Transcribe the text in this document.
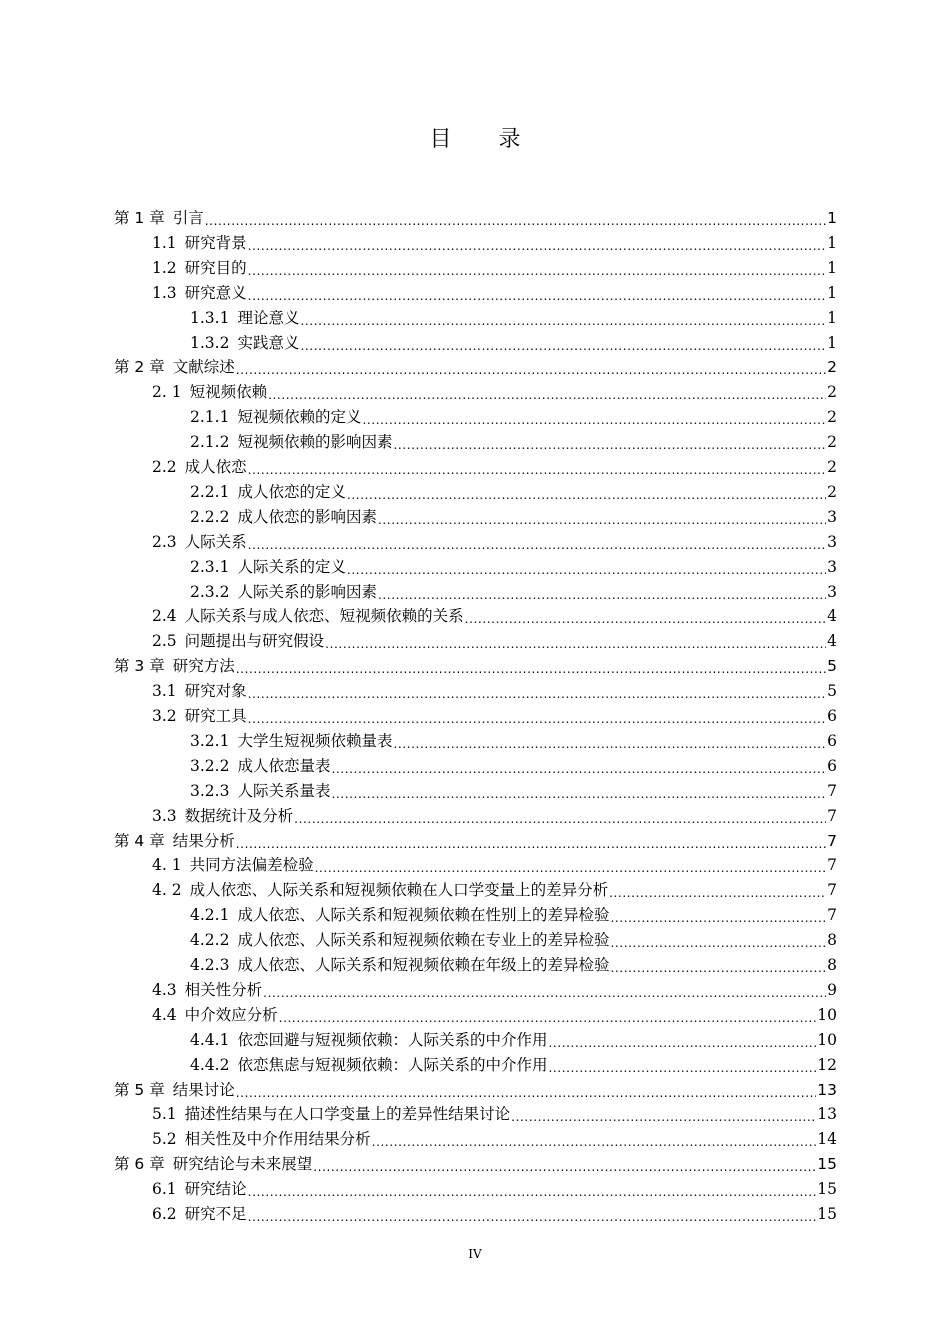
目 录
第 1 章 引言 .....	1
1.1 研究背景 .....	1
1.2 研究目的 .....	1
1.3 研究意义 .....	1
1.3.1 理论意义 .....	1
1.3.2 实践意义 .....	1
第 2 章 文献综述 .....	2
2. 1 短视频依赖 .....	2
2.1.1 短视频依赖的定义 .....	2
2.1.2 短视频依赖的影响因素 .....	2
2.2 成人依恋 .....	2
2.2.1 成人依恋的定义 .....	2
2.2.2 成人依恋的影响因素 .....	3
2.3 人际关系 .....	3
2.3.1 人际关系的定义 .....	3
2.3.2 人际关系的影响因素 .....	3
2.4 人际关系与成人依恋、短视频依赖的关系 .....	4
2.5 问题提出与研究假设 .....	4
第 3 章 研究方法 .....	5
3.1 研究对象 .....	5
3.2 研究工具 .....	6
3.2.1 大学生短视频依赖量表 .....	6
3.2.2 成人依恋量表 .....	6
3.2.3 人际关系量表 .....	7
3.3 数据统计及分析 .....	7
第 4 章 结果分析 .....	7
4. 1 共同方法偏差检验 .....	7
4. 2 成人依恋、人际关系和短视频依赖在人口学变量上的差异分析 .....	7
4.2.1 成人依恋、人际关系和短视频依赖在性别上的差异检验 .....	7
4.2.2 成人依恋、人际关系和短视频依赖在专业上的差异检验 .....	8
4.2.3 成人依恋、人际关系和短视频依赖在年级上的差异检验 .....	8
4.3 相关性分析 .....	9
4.4 中介效应分析 .....	10
4.4.1 依恋回避与短视频依赖：人际关系的中介作用 .....	10
4.4.2 依恋焦虑与短视频依赖：人际关系的中介作用 .....	12
第 5 章 结果讨论 .....	13
5.1 描述性结果与在人口学变量上的差异性结果讨论 .....	13
5.2 相关性及中介作用结果分析 .....	14
第 6 章 研究结论与未来展望 .....	15
6.1 研究结论 .....	15
6.2 研究不足 .....	15
IV
